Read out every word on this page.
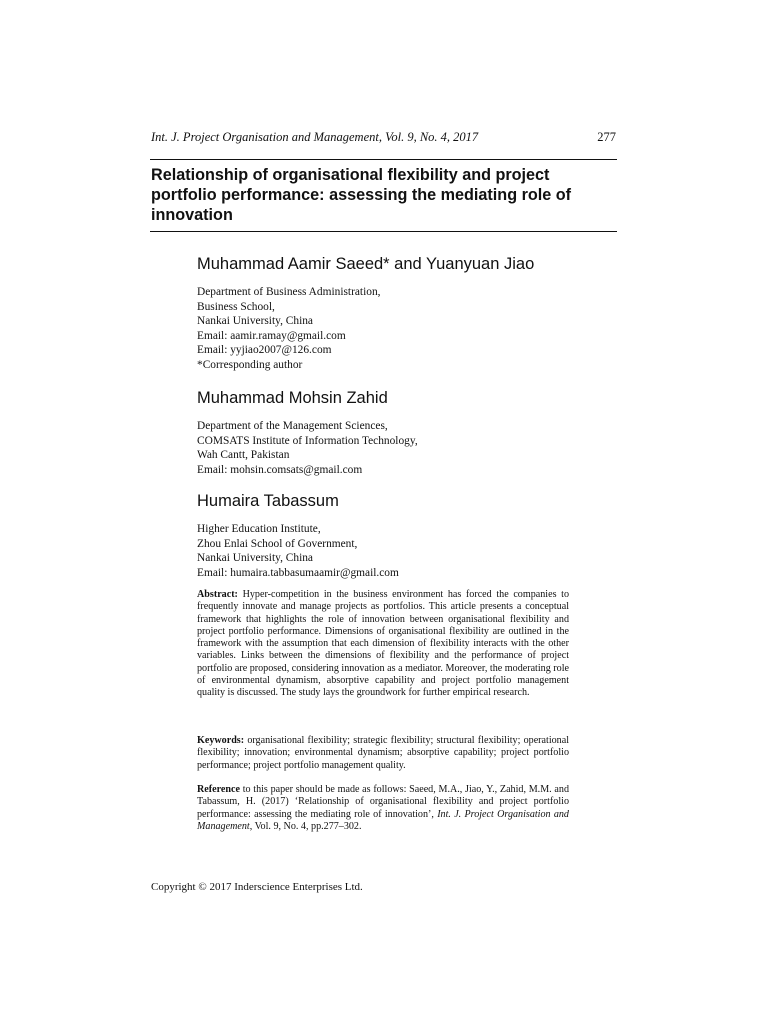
Int. J. Project Organisation and Management, Vol. 9, No. 4, 2017	277
Relationship of organisational flexibility and project portfolio performance: assessing the mediating role of innovation

Muhammad Aamir Saeed* and Yuanyuan Jiao

Department of Business Administration,

Business School,

Nankai University, China

Email: aamir.ramay@gmail.com

Email: yyjiao2007@126.com

*Corresponding author

Muhammad Mohsin Zahid

Department of the Management Sciences,

COMSATS Institute of Information Technology,

Wah Cantt, Pakistan

Email: mohsin.comsats@gmail.com

Humaira Tabassum

Higher Education Institute,

Zhou Enlai School of Government,

Nankai University, China

Email: humaira.tabbasumaamir@gmail.com

Abstract: Hyper-competition in the business environment has forced the companies to frequently innovate and manage projects as portfolios. This article presents a conceptual framework that highlights the role of innovation between organisational flexibility and project portfolio performance. Dimensions of organisational flexibility are outlined in the framework with the assumption that each dimension of flexibility interacts with the other variables. Links between the dimensions of flexibility and the performance of project portfolio are proposed, considering innovation as a mediator. Moreover, the moderating role of environmental dynamism, absorptive capability and project portfolio management quality is discussed. The study lays the groundwork for further empirical research.

Keywords: organisational flexibility; strategic flexibility; structural flexibility; operational flexibility; innovation; environmental dynamism; absorptive capability; project portfolio performance; project portfolio management quality.

Reference to this paper should be made as follows: Saeed, M.A., Jiao, Y., Zahid, M.M. and Tabassum, H. (2017) ‘Relationship of organisational flexibility and project portfolio performance: assessing the mediating role of innovation’, Int. J. Project Organisation and Management, Vol. 9, No. 4, pp.277–302.

Copyright © 2017 Inderscience Enterprises Ltd.
